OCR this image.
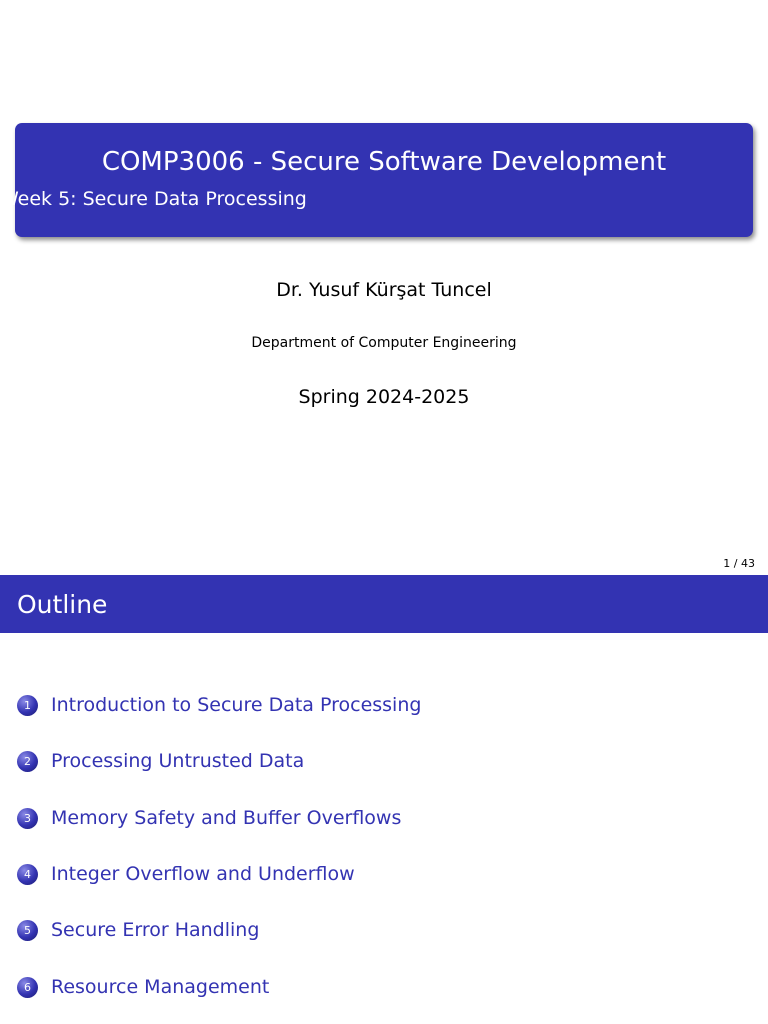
COMP3006 - Secure Software Development
Week 5: Secure Data Processing
Dr. Yusuf Kürşat Tuncel
Department of Computer Engineering
Spring 2024-2025
1 / 43
Outline
1	Introduction to Secure Data Processing
2	Processing Untrusted Data
3	Memory Safety and Buffer Overflows
4	Integer Overflow and Underflow
5	Secure Error Handling
6	Resource Management
